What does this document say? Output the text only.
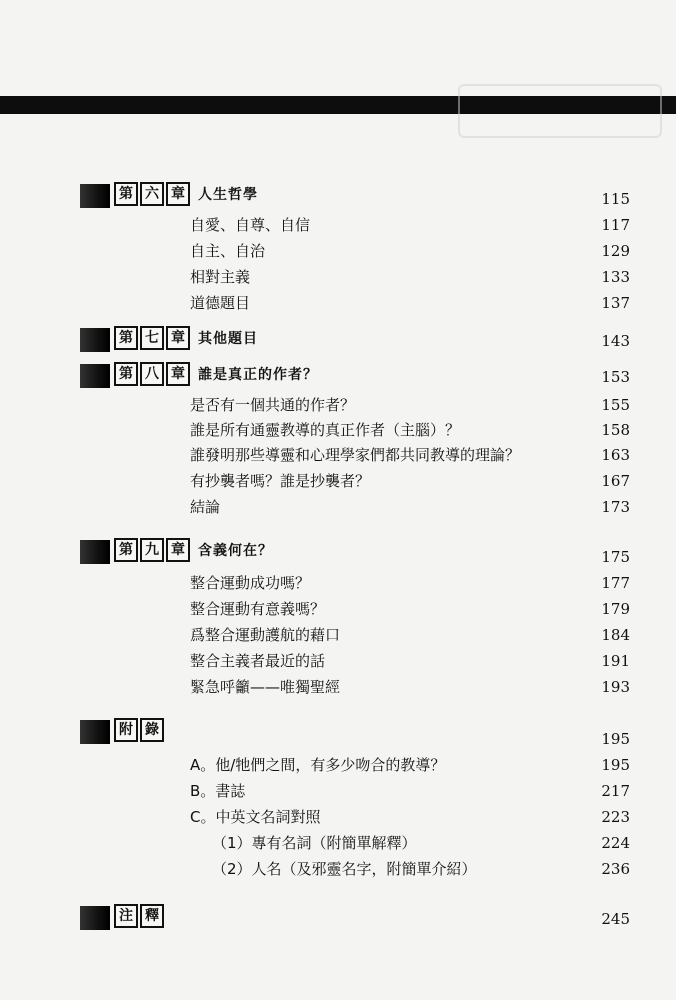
第 六 章 人生哲學	115
自愛、自尊、自信	117
自主、自治	129
相對主義	133
道德題目	137
第 七 章 其他題目	143
第 八 章 誰是真正的作者？	153
是否有一個共通的作者？	155
誰是所有通靈教導的真正作者（主腦）？	158
誰發明那些導靈和心理學家們都共同教導的理論？	163
有抄襲者嗎？誰是抄襲者？	167
結論	173
第 九 章 含義何在？	175
整合運動成功嗎？	177
整合運動有意義嗎？	179
爲整合運動護航的藉口	184
整合主義者最近的話	191
緊急呼籲——唯獨聖經	193
附 錄	195
A。他/牠們之間，有多少吻合的教導？	195
B。書誌	217
C。中英文名詞對照	223
（1）專有名詞（附簡單解釋）	224
（2）人名（及邪靈名字，附簡單介紹）	236
注 釋	245
